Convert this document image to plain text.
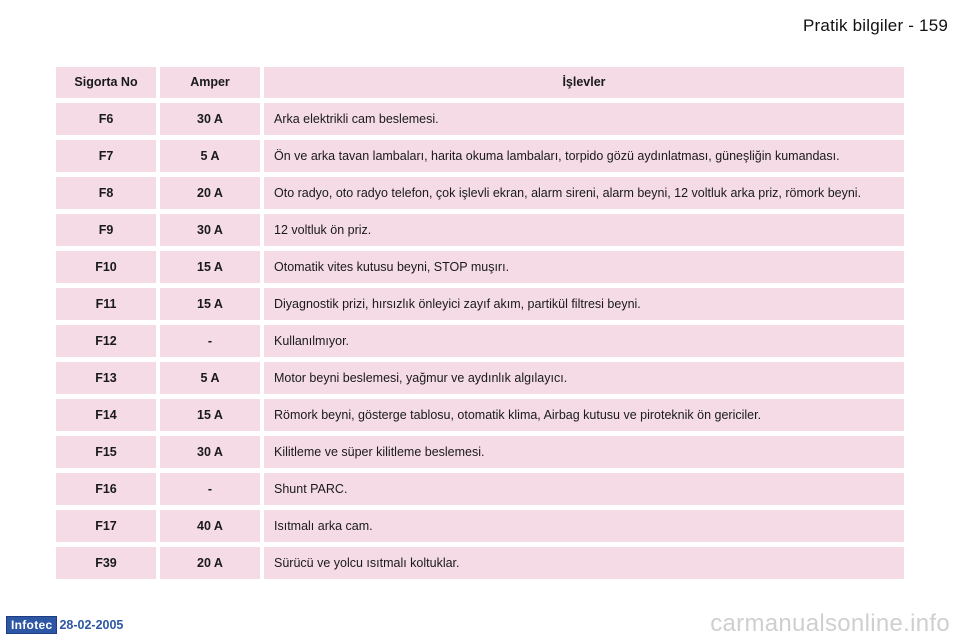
Pratik bilgiler - 159
Sigorta No	Amper	İşlevler
F6	30 A	Arka elektrikli cam beslemesi.
F7	5 A	Ön ve arka tavan lambaları, harita okuma lambaları, torpido gözü aydınlatması, güneşliğin kumandası.
F8	20 A	Oto radyo, oto radyo telefon, çok işlevli ekran, alarm sireni, alarm beyni, 12 voltluk arka priz, römork beyni.
F9	30 A	12 voltluk ön priz.
F10	15 A	Otomatik vites kutusu beyni, STOP muşırı.
F11	15 A	Diyagnostik prizi, hırsızlık önleyici zayıf akım, partikül filtresi beyni.
F12	-	Kullanılmıyor.
F13	5 A	Motor beyni beslemesi, yağmur ve aydınlık algılayıcı.
F14	15 A	Römork beyni, gösterge tablosu, otomatik klima, Airbag kutusu ve piroteknik ön gericiler.
F15	30 A	Kilitleme ve süper kilitleme beslemesi.
F16	-	Shunt PARC.
F17	40 A	Isıtmalı arka cam.
F39	20 A	Sürücü ve yolcu ısıtmalı koltuklar.
Infotec 28-02-2005	carmanualsonline.info
